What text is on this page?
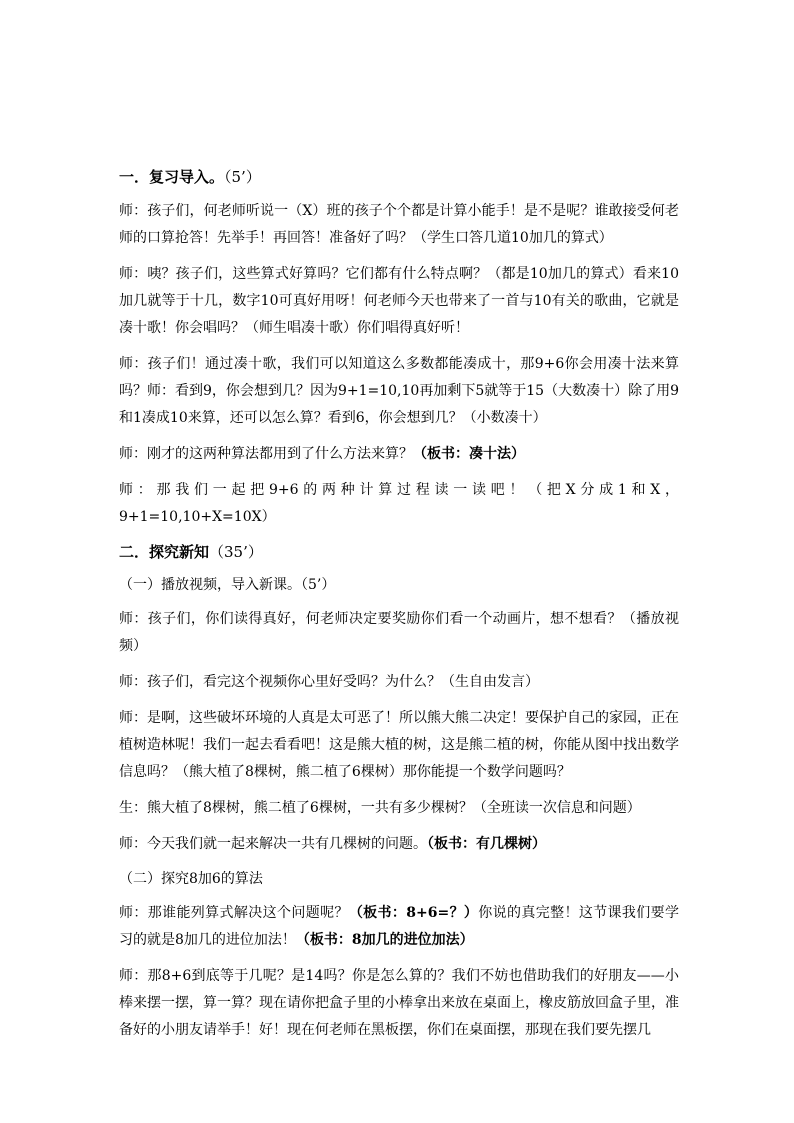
一．复习导入。（5’）
师：孩子们，何老师听说一（X）班的孩子个个都是计算小能手！是不是呢？谁敢接受何老师的口算抢答！先举手！再回答！准备好了吗？（学生口答几道10加几的算式）
师：咦？孩子们，这些算式好算吗？它们都有什么特点啊？（都是10加几的算式）看来10加几就等于十几，数字10可真好用呀！何老师今天也带来了一首与10有关的歌曲，它就是凑十歌！你会唱吗？（师生唱凑十歌）你们唱得真好听！
师：孩子们！通过凑十歌，我们可以知道这么多数都能凑成十，那9+6你会用凑十法来算吗？师：看到9，你会想到几？因为9+1=10,10再加剩下5就等于15（大数凑十）除了用9和1凑成10来算，还可以怎么算？看到6，你会想到几？（小数凑十）
师：刚才的这两种算法都用到了什么方法来算？（板书：凑十法）
师：那我们一起把9+6的两种计算过程读一读吧！（把X分成1和X，9+1=10,10+X=10X）
二．探究新知（35’）
（一）播放视频，导入新课。（5’）
师：孩子们，你们读得真好，何老师决定要奖励你们看一个动画片，想不想看？（播放视频）
师：孩子们，看完这个视频你心里好受吗？为什么？（生自由发言）
师：是啊，这些破坏环境的人真是太可恶了！所以熊大熊二决定！要保护自己的家园，正在植树造林呢！我们一起去看看吧！这是熊大植的树，这是熊二植的树，你能从图中找出数学信息吗？（熊大植了8棵树，熊二植了6棵树）那你能提一个数学问题吗？
生：熊大植了8棵树，熊二植了6棵树，一共有多少棵树？（全班读一次信息和问题）
师：今天我们就一起来解决一共有几棵树的问题。（板书：有几棵树）
（二）探究8加6的算法
师：那谁能列算式解决这个问题呢？（板书：8+6=？）你说的真完整！这节课我们要学习的就是8加几的进位加法！（板书：8加几的进位加法）
师：那8+6到底等于几呢？是14吗？你是怎么算的？我们不妨也借助我们的好朋友——小棒来摆一摆，算一算？现在请你把盒子里的小棒拿出来放在桌面上，橡皮筋放回盒子里，准备好的小朋友请举手！好！现在何老师在黑板摆，你们在桌面摆，那现在我们要先摆几
